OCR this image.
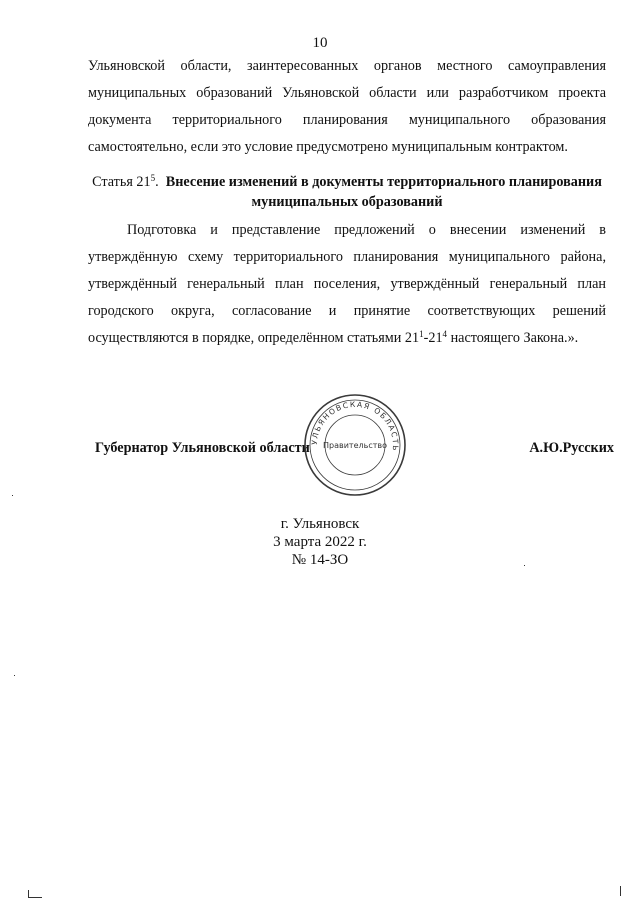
10

Ульяновской области, заинтересованных органов местного самоуправления муниципальных образований Ульяновской области или разработчиком проекта документа территориального планирования муниципального образования самостоятельно, если это условие предусмотрено муниципальным контрактом.

Статья $21^5$. Внесение изменений в документы территориального планирования муниципальных образований

Подготовка и представление предложений о внесении изменений в утверждённую схему территориального планирования муниципального района, утверждённый генеральный план поселения, утверждённый генеральный план городского округа, согласование и принятие соответствующих решений осуществляются в порядке, определённом статьями $21^1-21^4$ настоящего Закона.».

Губернатор Ульяновской области	А.Ю.Русских
УЛЬЯНОВСКАЯ ОБЛАСТЬ
Правительство
г. Ульяновск
3 марта 2022 г.
№ 14-ЗО
